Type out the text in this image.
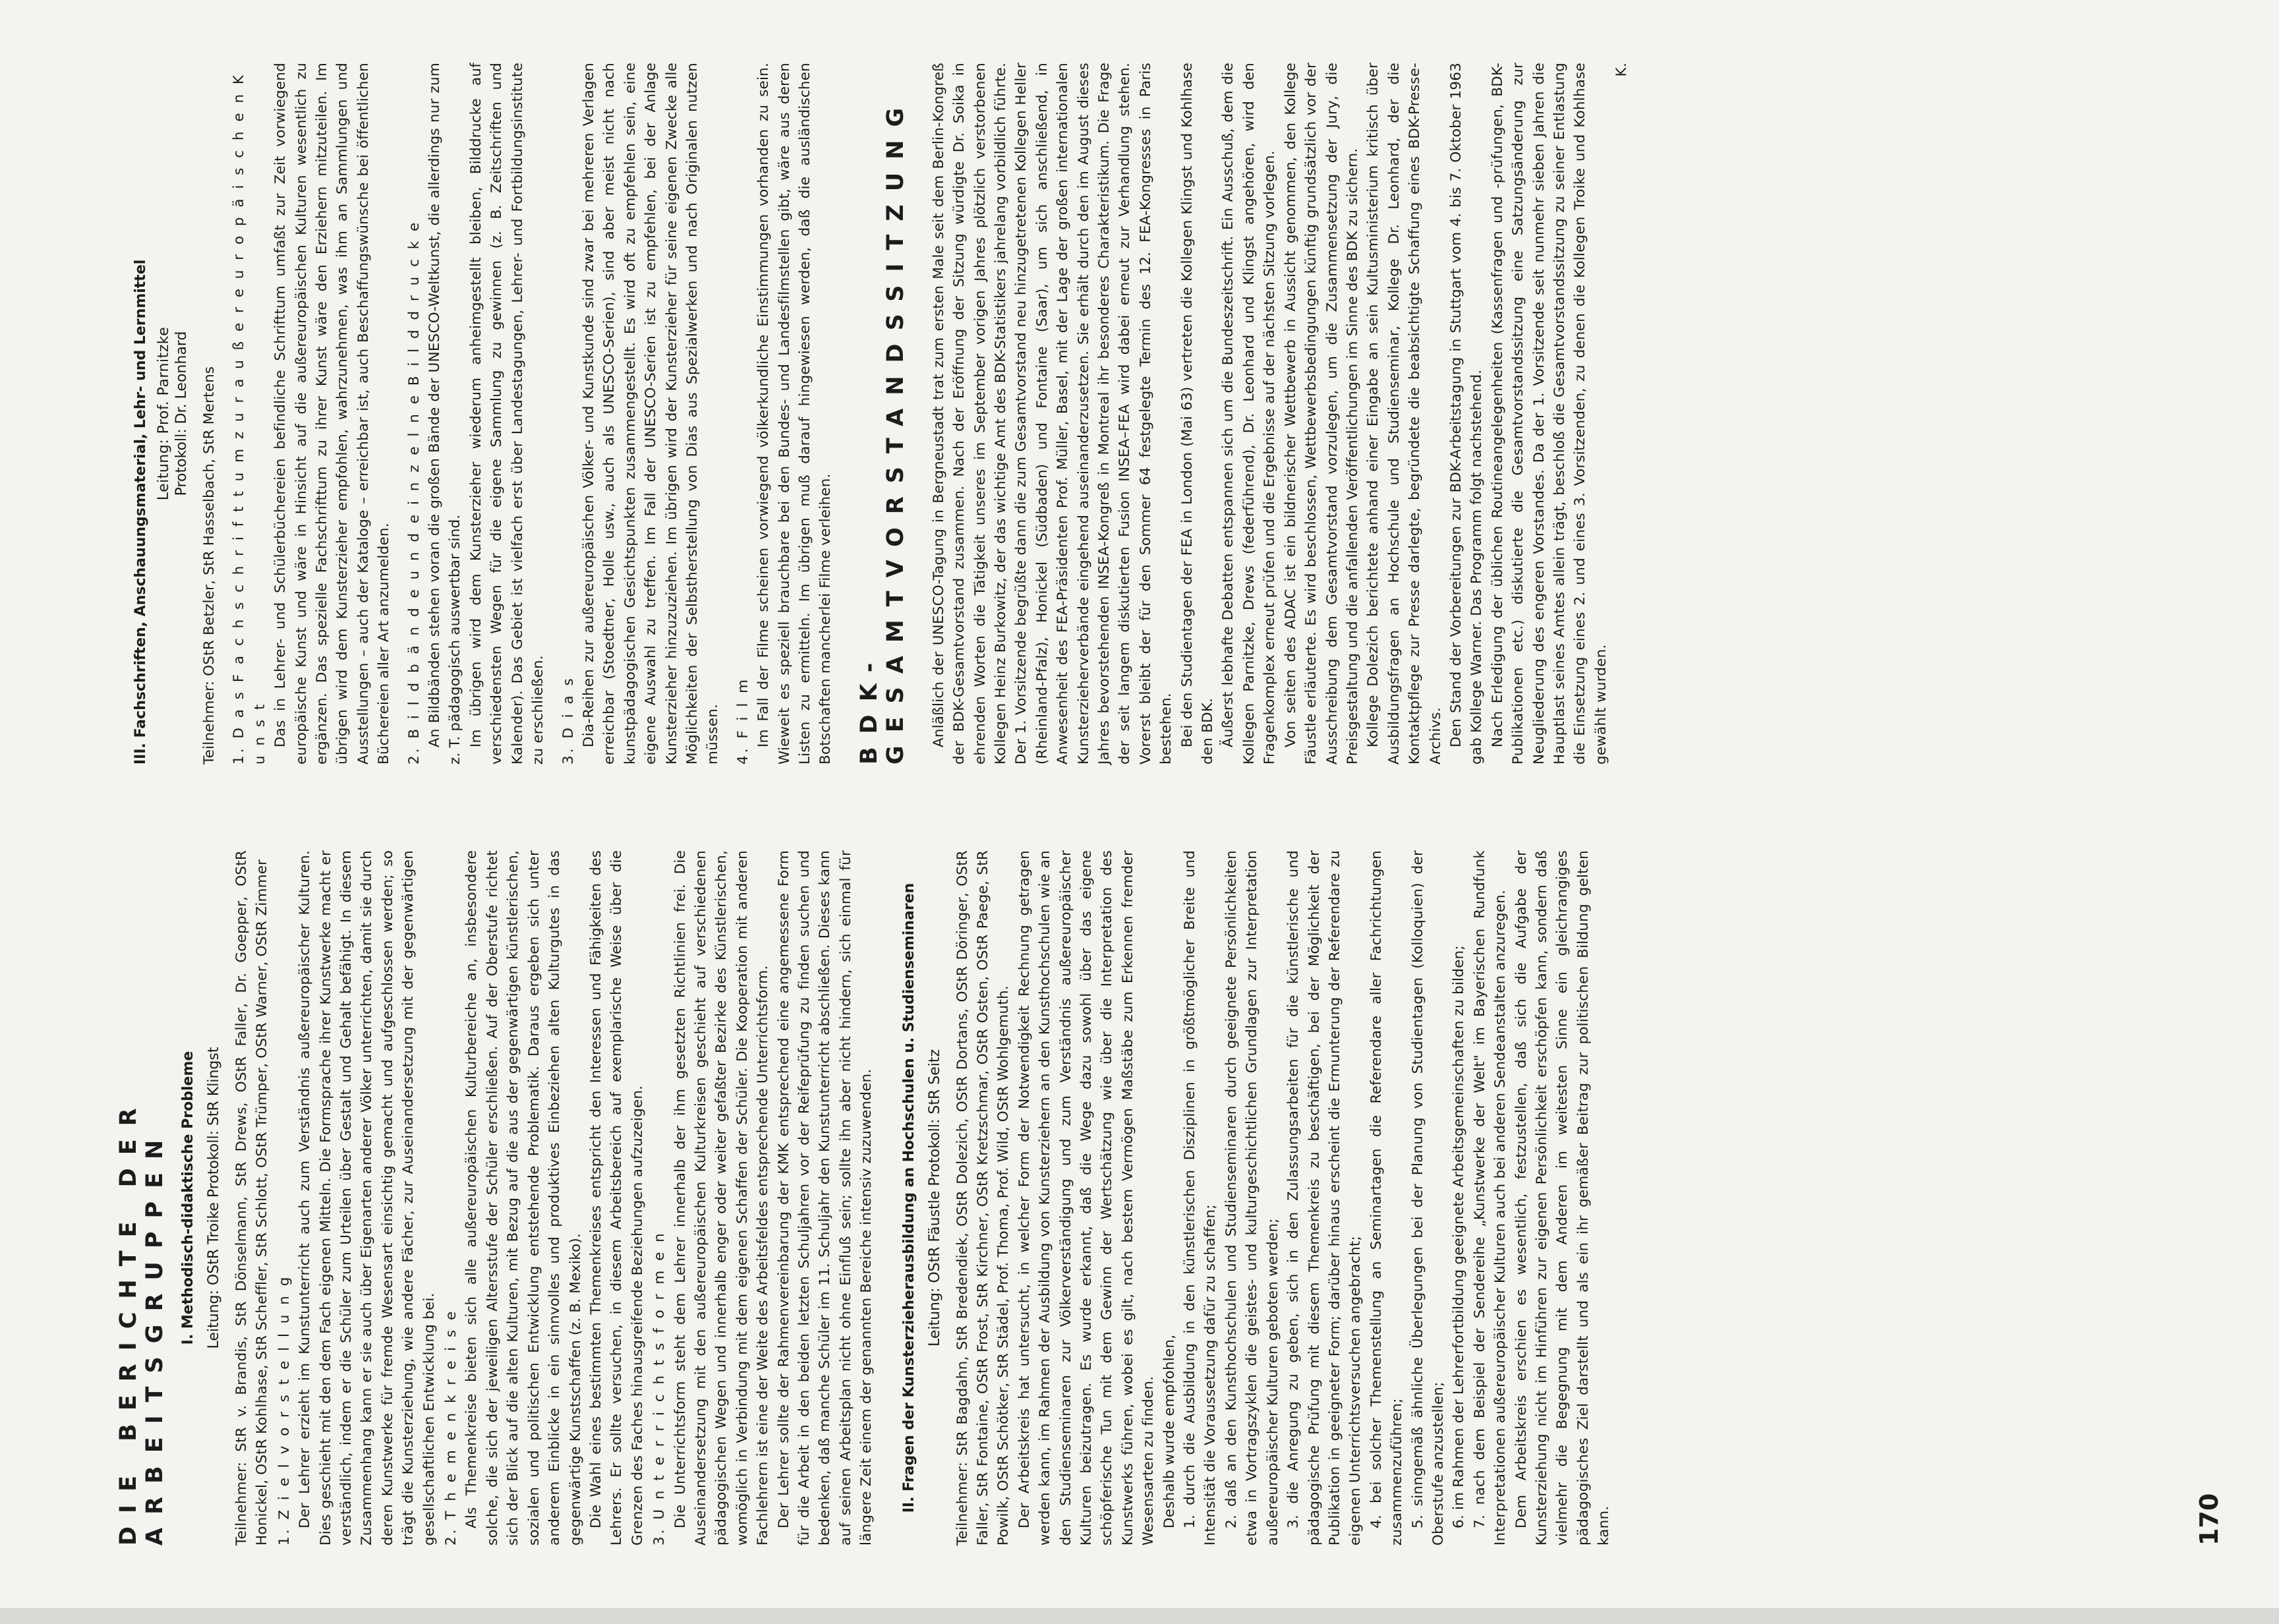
DIE BERICHTE DER ARBEITSGRUPPEN I. Methodisch-didaktische Probleme Leitung: OStR Troike Protokoll: StR Klingst Teilnehmer: StR v. Brandis, StR Dönselmann, StR Drews, OStR Faller, Dr. Goepper, OStR Honickel, OStR Kohlhase, StR Scheffler, StR Schlott, OStR Trümper, OStR Warner, OStR Zimmer 1. Z i e l v o r s t e l l u n g Der Lehrer erzieht im Kunstunterricht auch zum Verständnis außereuropäischer Kulturen. Dies geschieht mit den dem Fach eigenen Mitteln. Die Formsprache ihrer Kunstwerke macht er verständlich, indem er die Schüler zum Urteilen über Gestalt und Gehalt befähigt. In diesem Zusammenhang kann er sie auch über Eigenarten anderer Völker unterrichten, damit sie durch deren Kunstwerke für fremde Wesensart einsichtig gemacht und aufgeschlossen werden; so trägt die Kunsterziehung, wie andere Fächer, zur Auseinandersetzung mit der gegenwärtigen gesellschaftlichen Entwicklung bei. 2. T h e m e n k r e i s e Als Themenkreise bieten sich alle außereuropäischen Kulturbereiche an, insbesondere solche, die sich der jeweiligen Altersstufe der Schüler erschließen. Auf der Oberstufe richtet sich der Blick auf die alten Kulturen, mit Bezug auf die aus der gegenwärtigen künstlerischen, sozialen und politischen Entwicklung entstehende Problematik. Daraus ergeben sich unter anderem Einblicke in ein sinnvolles und produktives Einbeziehen alten Kulturgutes in das gegenwärtige Kunstschaffen (z. B. Mexiko). Die Wahl eines bestimmten Themenkreises entspricht den Interessen und Fähigkeiten des Lehrers. Er sollte versuchen, in diesem Arbeitsbereich auf exemplarische Weise über die Grenzen des Faches hinausgreifende Beziehungen aufzuzeigen. 3. U n t e r r i c h t s f o r m e n Die Unterrichtsform steht dem Lehrer innerhalb der ihm gesetzten Richtlinien frei. Die Auseinandersetzung mit den außereuropäischen Kulturkreisen geschieht auf verschiedenen pädagogischen Wegen und innerhalb enger oder weiter gefaßter Bezirke des Künstlerischen, womöglich in Verbindung mit dem eigenen Schaffen der Schüler. Die Kooperation mit anderen Fachlehrern ist eine der Weite des Arbeitsfeldes entsprechende Unterrichtsform. Der Lehrer sollte der Rahmenvereinbarung der KMK entsprechend eine angemessene Form für die Arbeit in den beiden letzten Schuljahren vor der Reifeprüfung zu finden suchen und bedenken, daß manche Schüler im 11. Schuljahr den Kunstunterricht abschließen. Dieses kann auf seinen Arbeitsplan nicht ohne Einfluß sein; sollte ihn aber nicht hindern, sich einmal für längere Zeit einem der genannten Bereiche intensiv zuzuwenden. II. Fragen der Kunsterzieherausbildung an Hochschulen u. Studienseminaren Leitung: OStR Fäustle Protokoll: StR Seitz Teilnehmer: StR Bagdahn, StR Bredendiek, OStR Dolezich, OStR Dortans, OStR Döringer, OStR Faller, StR Fontaine, OStR Frost, StR Kirchner, OStR Kretzschmar, OStR Osten, OStR Paege, StR Powilk, OStR Schötker, StR Städel, Prof. Thoma, Prof. Wild, OStR Wohlgemuth. Der Arbeitskreis hat untersucht, in welcher Form der Notwendigkeit Rechnung getragen werden kann, im Rahmen der Ausbildung von Kunsterziehern an den Kunsthochschulen wie an den Studienseminaren zur Völkerverständigung und zum Verständnis außereuropäischer Kulturen beizutragen. Es wurde erkannt, daß die Wege dazu sowohl über das eigene schöpferische Tun mit dem Gewinn der Wertschätzung wie über die Interpretation des Kunstwerks führen, wobei es gilt, nach bestem Vermögen Maßstäbe zum Erkennen fremder Wesensarten zu finden. Deshalb wurde empfohlen, 1. durch die Ausbildung in den künstlerischen Disziplinen in größtmöglicher Breite und Intensität die Voraussetzung dafür zu schaffen; 2. daß an den Kunsthochschulen und Studienseminaren durch geeignete Persönlichkeiten etwa in Vortragszyklen die geistes- und kulturgeschichtlichen Grundlagen zur Interpretation außereuropäischer Kulturen geboten werden; 3. die Anregung zu geben, sich in den Zulassungsarbeiten für die künstlerische und pädagogische Prüfung mit diesem Themenkreis zu beschäftigen, bei der Möglichkeit der Publikation in geeigneter Form; darüber hinaus erscheint die Ermunterung der Referendare zu eigenen Unterrichtsversuchen angebracht; 4. bei solcher Themenstellung an Seminartagen die Referendare aller Fachrichtungen zusammenzuführen; 5. sinngemäß ähnliche Überlegungen bei der Planung von Studientagen (Kolloquien) der Oberstufe anzustellen; 6. im Rahmen der Lehrerfortbildung geeignete Arbeitsgemeinschaften zu bilden; 7. nach dem Beispiel der Sendereihe „Kunstwerke der Welt" im Bayerischen Rundfunk Interpretationen außereuropäischer Kulturen auch bei anderen Sendeanstalten anzuregen. Dem Arbeitskreis erschien es wesentlich, festzustellen, daß sich die Aufgabe der Kunsterziehung nicht im Hinführen zur eigenen Persönlichkeit erschöpfen kann, sondern daß vielmehr die Begegnung mit dem Anderen im weitesten Sinne ein gleichrangiges pädagogisches Ziel darstellt und als ein ihr gemäßer Beitrag zur politischen Bildung gelten kann.

III. Fachschriften, Anschauungsmaterial, Lehr- und Lernmittel Leitung: Prof. Parnitzke Protokoll: Dr. Leonhard Teilnehmer: OStR Betzler, StR Hasselbach, StR Mertens 1. D a s F a c h s c h r i f t t u m z u r a u ß e r e u r o p ä i s c h e n K u n s t Das in Lehrer- und Schülerbüchereien befindliche Schrifttum umfaßt zur Zeit vorwiegend europäische Kunst und wäre in Hinsicht auf die außereuropäischen Kulturen wesentlich zu ergänzen. Das spezielle Fachschrifttum zu ihrer Kunst wäre den Erziehern mitzuteilen. Im übrigen wird dem Kunsterzieher empfohlen, wahrzunehmen, was ihm an Sammlungen und Ausstellungen – auch der Kataloge – erreichbar ist, auch Beschaffungswünsche bei öffentlichen Büchereien aller Art anzumelden. 2. B i l d b ä n d e u n d e i n z e l n e B i l d d r u c k e An Bildbänden stehen voran die großen Bände der UNESCO-Weltkunst, die allerdings nur zum z. T. pädagogisch auswertbar sind. Im übrigen wird dem Kunsterzieher wiederum anheimgestellt bleiben, Bilddrucke auf verschiedensten Wegen für die eigene Sammlung zu gewinnen (z. B. Zeitschriften und Kalender). Das Gebiet ist vielfach erst über Landestagungen, Lehrer- und Fortbildungsinstitute zu erschließen. 3. D i a s Dia-Reihen zur außereuropäischen Völker- und Kunstkunde sind zwar bei mehreren Verlagen erreichbar (Stoedtner, Holle usw., auch als UNESCO-Serien), sind aber meist nicht nach kunstpädagogischen Gesichtspunkten zusammengestellt. Es wird oft zu empfehlen sein, eine eigene Auswahl zu treffen. Im Fall der UNESCO-Serien ist zu empfehlen, bei der Anlage Kunsterzieher hinzuzuziehen. Im übrigen wird der Kunsterzieher für seine eigenen Zwecke alle Möglichkeiten der Selbstherstellung von Dias aus Spezialwerken und nach Originalen nutzen müssen. 4. F i l m Im Fall der Filme scheinen vorwiegend völkerkundliche Einstimmungen vorhanden zu sein. Wieweit es speziell brauchbare bei den Bundes- und Landesfilmstellen gibt, wäre aus deren Listen zu ermitteln. Im übrigen muß darauf hingewiesen werden, daß die ausländischen Botschaften mancherlei Filme verleihen. BDK-GESAMTVORSTANDSSITZUNG Anläßlich der UNESCO-Tagung in Bergneustadt trat zum ersten Male seit dem Berlin-Kongreß der BDK-Gesamtvorstand zusammen. Nach der Eröffnung der Sitzung würdigte Dr. Soika in ehrenden Worten die Tätigkeit unseres im September vorigen Jahres plötzlich verstorbenen Kollegen Heinz Burkowitz, der das wichtige Amt des BDK-Statistikers jahrelang vorbildlich führte. Der 1. Vorsitzende begrüßte dann die zum Gesamtvorstand neu hinzugetretenen Kollegen Heller (Rheinland-Pfalz), Honickel (Südbaden) und Fontaine (Saar), um sich anschließend, in Anwesenheit des FEA-Präsidenten Prof. Müller, Basel, mit der Lage der großen internationalen Kunsterzieherverbände eingehend auseinanderzusetzen. Sie erhält durch den im August dieses Jahres bevorstehenden INSEA-Kongreß in Montreal ihr besonderes Charakteristikum. Die Frage der seit langem diskutierten Fusion INSEA–FEA wird dabei erneut zur Verhandlung stehen. Vorerst bleibt der für den Sommer 64 festgelegte Termin des 12. FEA-Kongresses in Paris bestehen. Bei den Studientagen der FEA in London (Mai 63) vertreten die Kollegen Klingst und Kohlhase den BDK. Äußerst lebhafte Debatten entspannen sich um die Bundeszeitschrift. Ein Ausschuß, dem die Kollegen Parnitzke, Drews (federführend), Dr. Leonhard und Klingst angehören, wird den Fragenkomplex erneut prüfen und die Ergebnisse auf der nächsten Sitzung vorlegen. Von seiten des ADAC ist ein bildnerischer Wettbewerb in Aussicht genommen, den Kollege Fäustle erläuterte. Es wird beschlossen, Wettbewerbsbedingungen künftig grundsätzlich vor der Ausschreibung dem Gesamtvorstand vorzulegen, um die Zusammensetzung der Jury, die Preisgestaltung und die anfallenden Veröffentlichungen im Sinne des BDK zu sichern. Kollege Dolezich berichtete anhand einer Eingabe an sein Kultusministerium kritisch über Ausbildungsfragen an Hochschule und Studienseminar, Kollege Dr. Leonhard, der die Kontaktpflege zur Presse darlegte, begründete die beabsichtigte Schaffung eines BDK-Presse-Archivs. Den Stand der Vorbereitungen zur BDK-Arbeitstagung in Stuttgart vom 4. bis 7. Oktober 1963 gab Kollege Warner. Das Programm folgt nachstehend. Nach Erledigung der üblichen Routineangelegenheiten (Kassenfragen und -prüfungen, BDK-Publikationen etc.) diskutierte die Gesamtvorstandssitzung eine Satzungsänderung zur Neugliederung des engeren Vorstandes. Da der 1. Vorsitzende seit nunmehr sieben Jahren die Hauptlast seines Amtes allein trägt, beschloß die Gesamtvorstandssitzung zu seiner Entlastung die Einsetzung eines 2. und eines 3. Vorsitzenden, zu denen die Kollegen Troike und Kohlhase gewählt wurden.

K.

170
